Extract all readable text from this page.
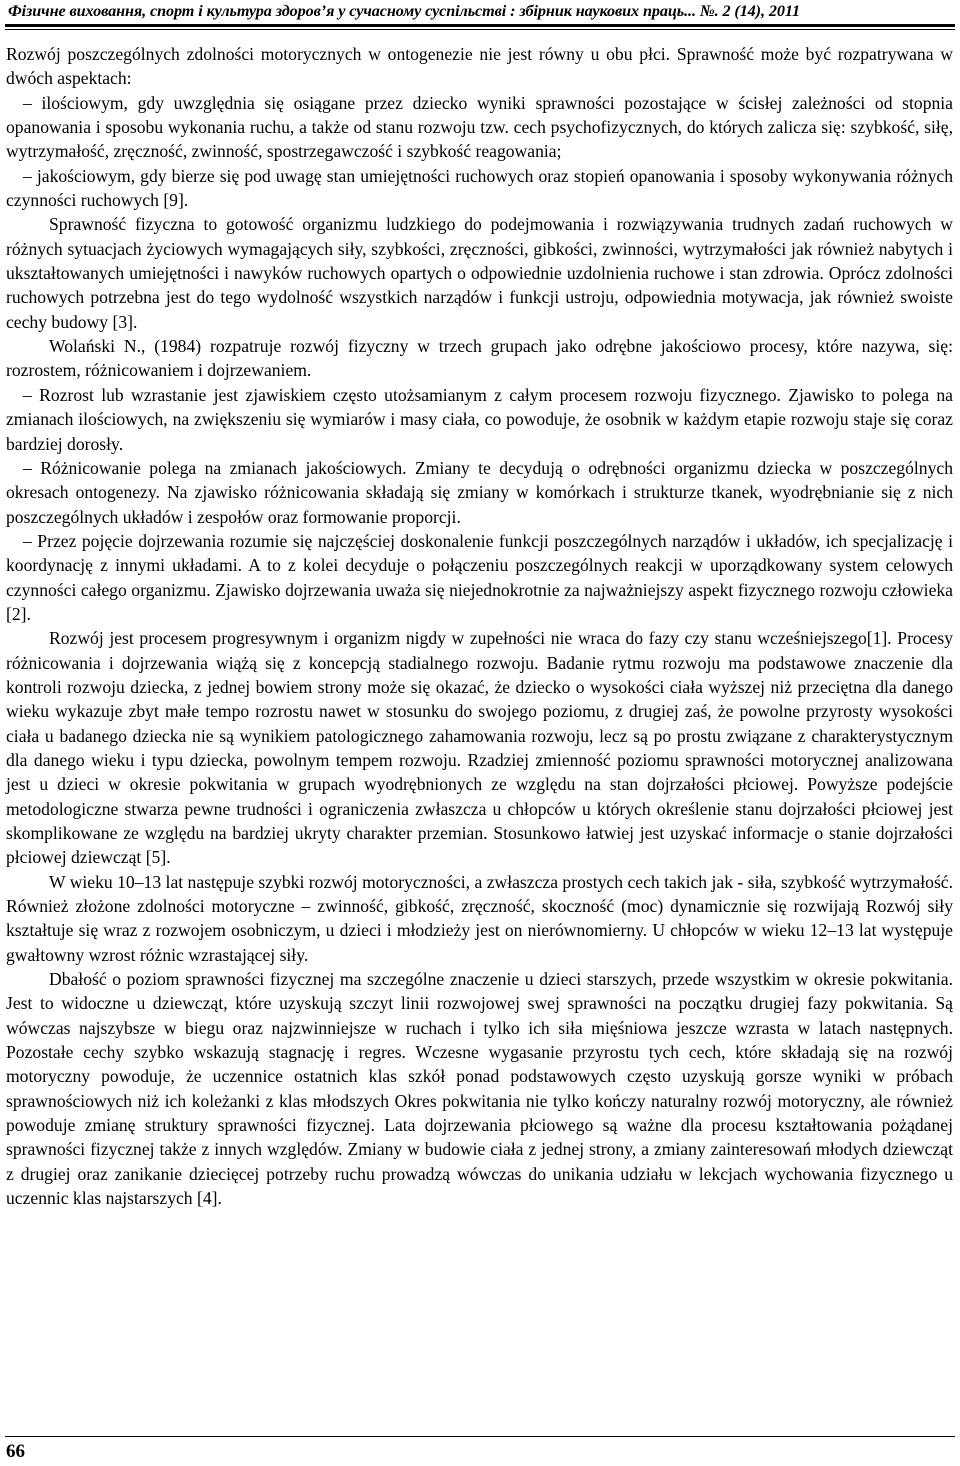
Фізичне виховання, спорт і культура здоров’я у сучасному суспільстві : збірник наукових праць... №. 2 (14), 2011

Rozwój poszczególnych zdolności motorycznych w ontogenezie nie jest równy u obu płci. Sprawność może być rozpatrywana w dwóch aspektach:

– ilościowym, gdy uwzględnia się osiągane przez dziecko wyniki sprawności pozostające w ścisłej zależności od stopnia opanowania i sposobu wykonania ruchu, a także od stanu rozwoju tzw. cech psychofizycznych, do których zalicza się: szybkość, siłę, wytrzymałość, zręczność, zwinność, spostrzegawczość i szybkość reagowania;

– jakościowym, gdy bierze się pod uwagę stan umiejętności ruchowych oraz stopień opanowania i sposoby wykonywania różnych czynności ruchowych [9].

Sprawność fizyczna to gotowość organizmu ludzkiego do podejmowania i rozwiązywania trudnych zadań ruchowych w różnych sytuacjach życiowych wymagających siły, szybkości, zręczności, gibkości, zwinności, wytrzymałości jak również nabytych i ukształtowanych umiejętności i nawyków ruchowych opartych o odpowiednie uzdolnienia ruchowe i stan zdrowia. Oprócz zdolności ruchowych potrzebna jest do tego wydolność wszystkich narządów i funkcji ustroju, odpowiednia motywacja, jak również swoiste cechy budowy [3].

Wolański N., (1984) rozpatruje rozwój fizyczny w trzech grupach jako odrębne jakościowo procesy, które nazywa, się: rozrostem, różnicowaniem i dojrzewaniem.

– Rozrost lub wzrastanie jest zjawiskiem często utożsamianym z całym procesem rozwoju fizycznego. Zjawisko to polega na zmianach ilościowych, na zwiększeniu się wymiarów i masy ciała, co powoduje, że osobnik w każdym etapie rozwoju staje się coraz bardziej dorosły.

– Różnicowanie polega na zmianach jakościowych. Zmiany te decydują o odrębności organizmu dziecka w poszczególnych okresach ontogenezy. Na zjawisko różnicowania składają się zmiany w komórkach i strukturze tkanek, wyodrębnianie się z nich poszczególnych układów i zespołów oraz formowanie proporcji.

– Przez pojęcie dojrzewania rozumie się najczęściej doskonalenie funkcji poszczególnych narządów i układów, ich specjalizację i koordynację z innymi układami. A to z kolei decyduje o połączeniu poszczególnych reakcji w uporządkowany system celowych czynności całego organizmu. Zjawisko dojrzewania uważa się niejednokrotnie za najważniejszy aspekt fizycznego rozwoju człowieka [2].

Rozwój jest procesem progresywnym i organizm nigdy w zupełności nie wraca do fazy czy stanu wcześniejszego[1]. Procesy różnicowania i dojrzewania wiążą się z koncepcją stadialnego rozwoju. Badanie rytmu rozwoju ma podstawowe znaczenie dla kontroli rozwoju dziecka, z jednej bowiem strony może się okazać, że dziecko o wysokości ciała wyższej niż przeciętna dla danego wieku wykazuje zbyt małe tempo rozrostu nawet w stosunku do swojego poziomu, z drugiej zaś, że powolne przyrosty wysokości ciała u badanego dziecka nie są wynikiem patologicznego zahamowania rozwoju, lecz są po prostu związane z charakterystycznym dla danego wieku i typu dziecka, powolnym tempem rozwoju. Rzadziej zmienność poziomu sprawności motorycznej analizowana jest u dzieci w okresie pokwitania w grupach wyodrębnionych ze względu na stan dojrzałości płciowej. Powyższe podejście metodologiczne stwarza pewne trudności i ograniczenia zwłaszcza u chłopców u których określenie stanu dojrzałości płciowej jest skomplikowane ze względu na bardziej ukryty charakter przemian. Stosunkowo łatwiej jest uzyskać informacje o stanie dojrzałości płciowej dziewcząt [5].

W wieku 10–13 lat następuje szybki rozwój motoryczności, a zwłaszcza prostych cech takich jak - siła, szybkość wytrzymałość. Również złożone zdolności motoryczne – zwinność, gibkość, zręczność, skoczność (moc) dynamicznie się rozwijają Rozwój siły kształtuje się wraz z rozwojem osobniczym, u dzieci i młodzieży jest on nierównomierny. U chłopców w wieku 12–13 lat występuje gwałtowny wzrost różnic wzrastającej siły.

Dbałość o poziom sprawności fizycznej ma szczególne znaczenie u dzieci starszych, przede wszystkim w okresie pokwitania. Jest to widoczne u dziewcząt, które uzyskują szczyt linii rozwojowej swej sprawności na początku drugiej fazy pokwitania. Są wówczas najszybsze w biegu oraz najzwinniejsze w ruchach i tylko ich siła mięśniowa jeszcze wzrasta w latach następnych. Pozostałe cechy szybko wskazują stagnację i regres. Wczesne wygasanie przyrostu tych cech, które składają się na rozwój motoryczny powoduje, że uczennice ostatnich klas szkół ponad podstawowych często uzyskują gorsze wyniki w próbach sprawnościowych niż ich koleżanki z klas młodszych Okres pokwitania nie tylko kończy naturalny rozwój motoryczny, ale również powoduje zmianę struktury sprawności fizycznej. Lata dojrzewania płciowego są ważne dla procesu kształtowania pożądanej sprawności fizycznej także z innych względów. Zmiany w budowie ciała z jednej strony, a zmiany zainteresowań młodych dziewcząt z drugiej oraz zanikanie dziecięcej potrzeby ruchu prowadzą wówczas do unikania udziału w lekcjach wychowania fizycznego u uczennic klas najstarszych [4].

66
